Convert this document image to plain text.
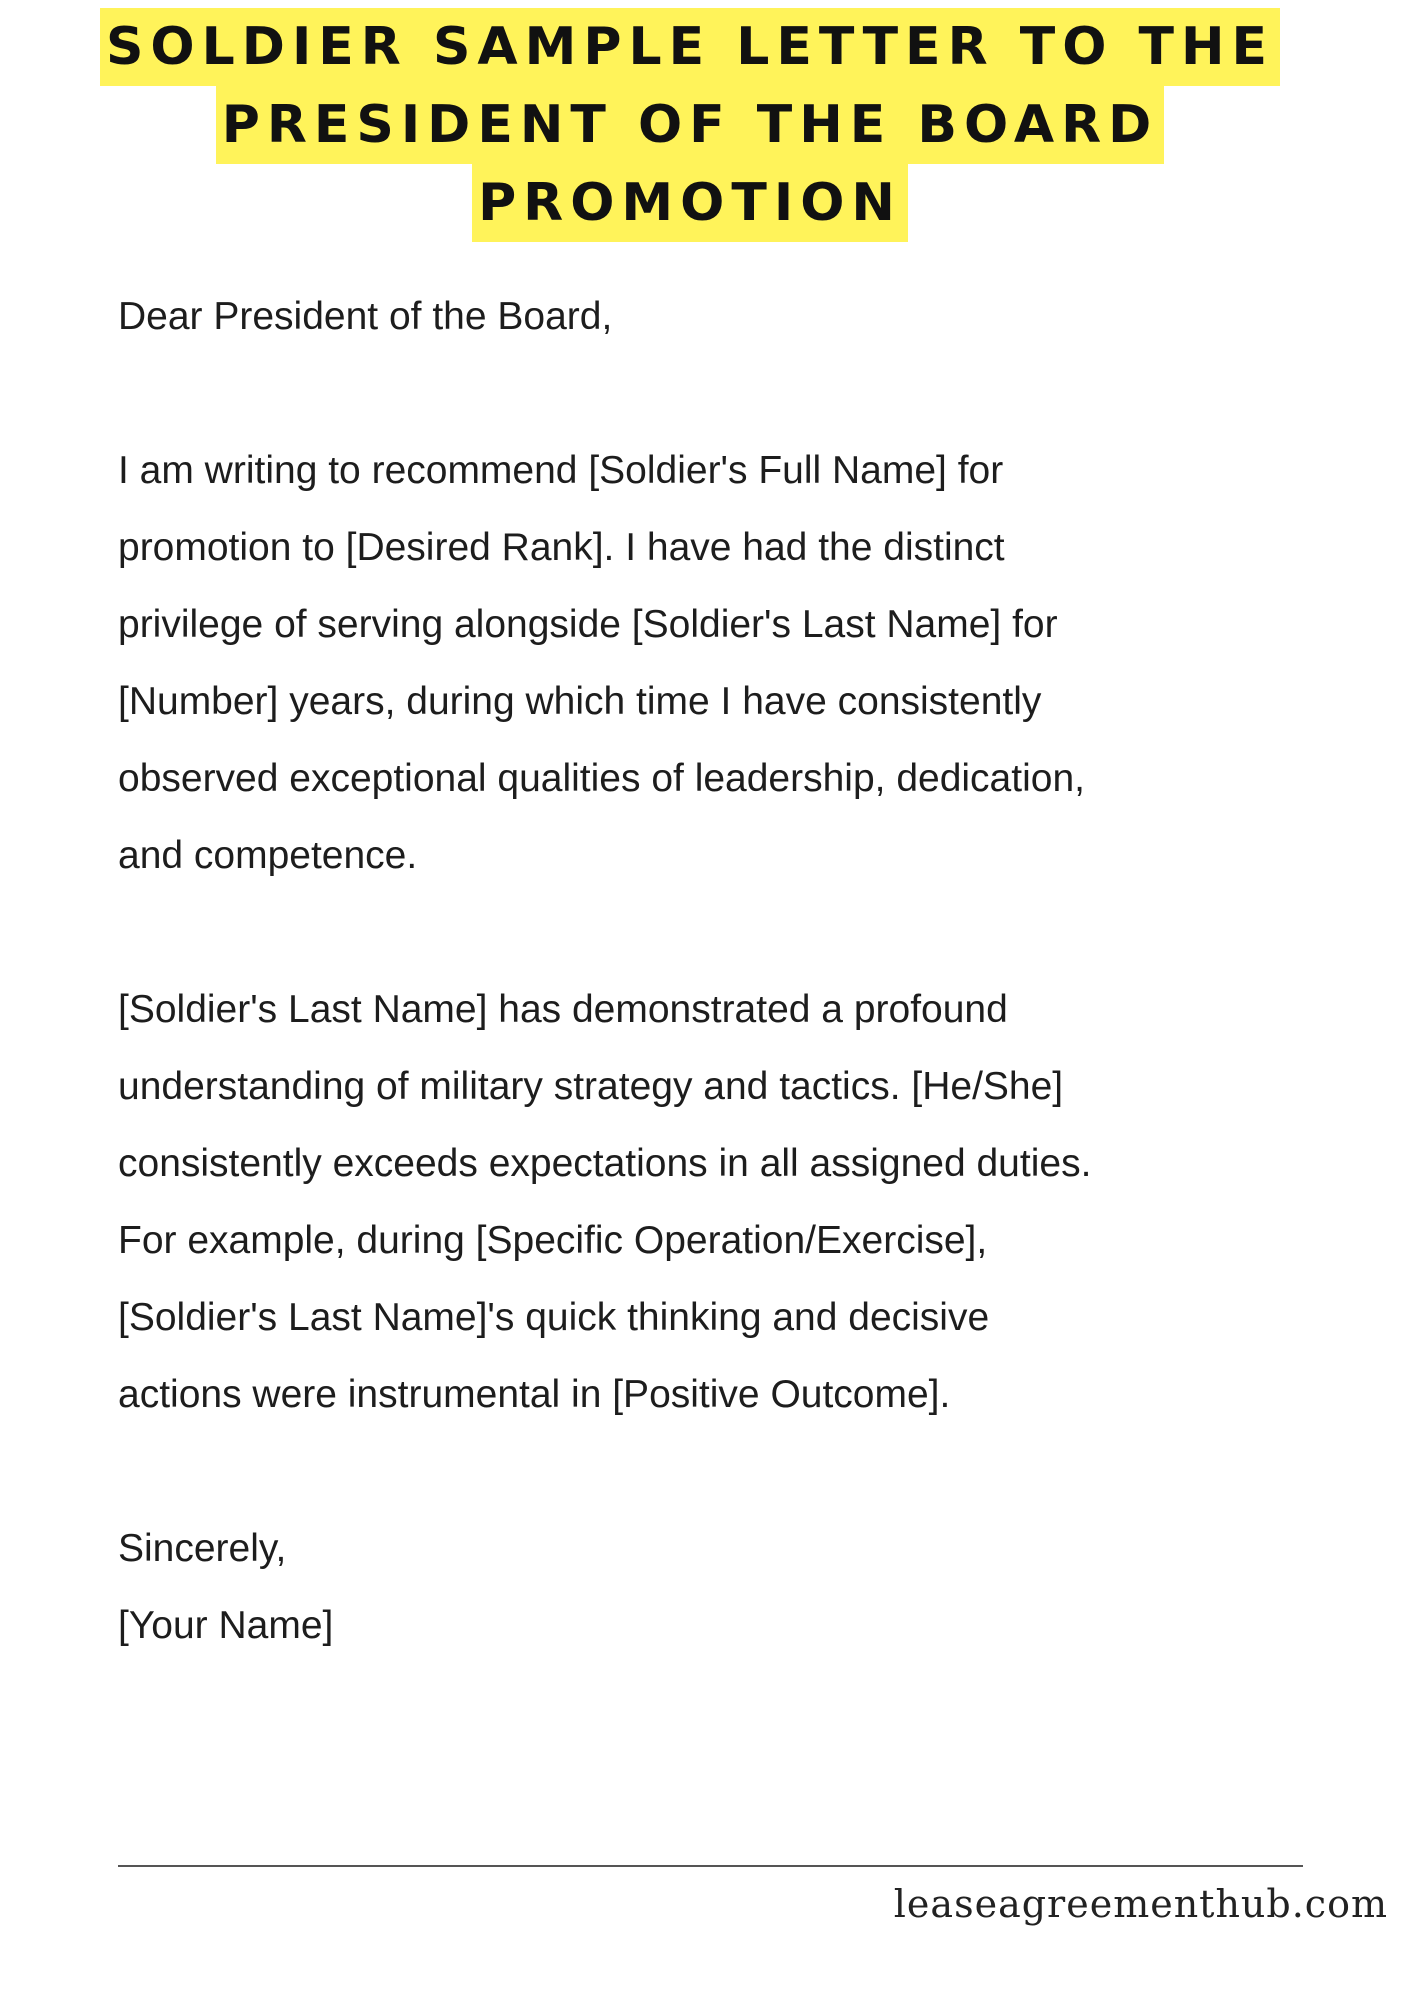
SOLDIER SAMPLE LETTER TO THE
PRESIDENT OF THE BOARD
PROMOTION

Dear President of the Board,

I am writing to recommend [Soldier's Full Name] for

promotion to [Desired Rank]. I have had the distinct

privilege of serving alongside [Soldier's Last Name] for

[Number] years, during which time I have consistently

observed exceptional qualities of leadership, dedication,

and competence.

[Soldier's Last Name] has demonstrated a profound

understanding of military strategy and tactics. [He/She]

consistently exceeds expectations in all assigned duties.

For example, during [Specific Operation/Exercise],

[Soldier's Last Name]'s quick thinking and decisive

actions were instrumental in [Positive Outcome].

Sincerely,

[Your Name]

leaseagreementhub.com
